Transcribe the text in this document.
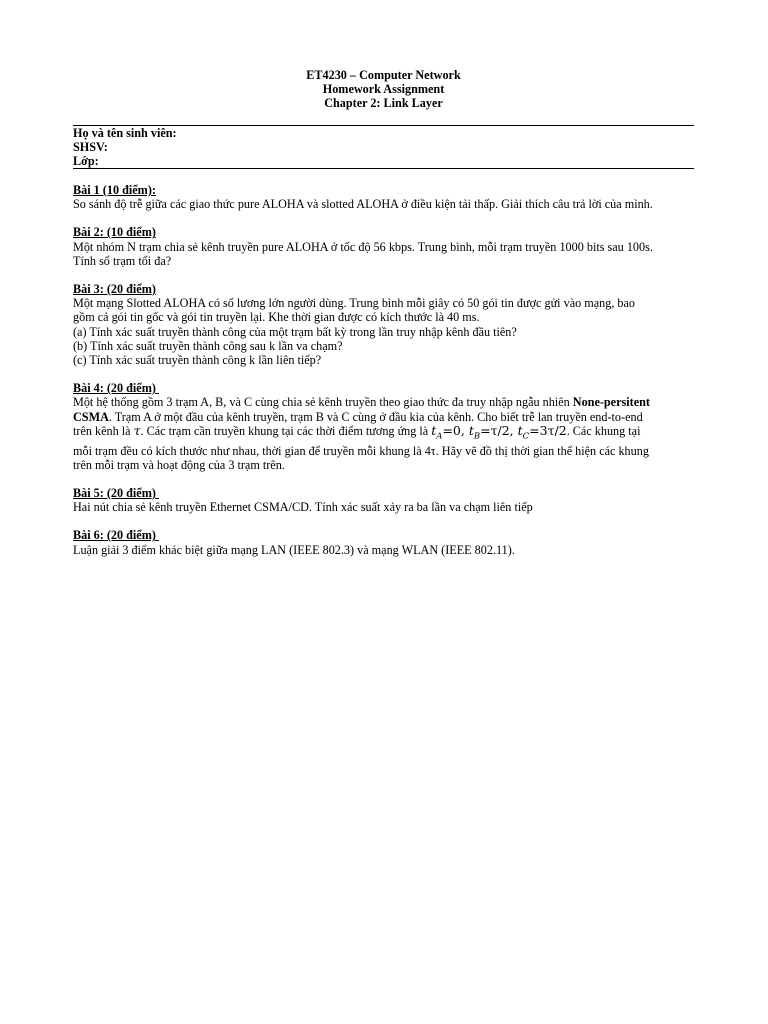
ET4230 – Computer Network
Homework Assignment
Chapter 2: Link Layer
Họ và tên sinh viên:
SHSV:
Lớp:
Bài 1 (10 điểm):
So sánh độ trễ giữa các giao thức pure ALOHA và slotted ALOHA ở điều kiện tải thấp. Giải thích câu trả lời của mình.
Bài 2: (10 điểm)
Một nhóm N trạm chia sẻ kênh truyền pure ALOHA ở tốc độ 56 kbps. Trung bình, mỗi trạm truyền 1000 bits sau 100s.
Tính số trạm tối đa?
Bài 3: (20 điểm)
Một mạng Slotted ALOHA có số lương lớn người dùng. Trung bình mỗi giây có 50 gói tin được gửi vào mạng, bao
gồm cả gói tin gốc và gói tin truyền lại. Khe thời gian được có kích thước là 40 ms.
(a) Tính xác suất truyền thành công của một trạm bất kỳ trong lần truy nhập kênh đầu tiên?
(b) Tính xác suất truyền thành công sau k lần va chạm?
(c) Tính xác suất truyền thành công k lần liên tiếp?
Bài 4: (20 điểm)
Một hệ thống gồm 3 trạm A, B, và C cùng chia sẻ kênh truyền theo giao thức đa truy nhập ngẫu nhiên None-persitent
CSMA. Trạm A ở một đầu của kênh truyền, trạm B và C cùng ở đầu kia của kênh. Cho biết trễ lan truyền end-to-end
trên kênh là τ. Các trạm cần truyền khung tại các thời điểm tương ứng là $t_A=0$, $t_B=\tau/2$, $t_C=3\tau/2$. Các khung tại
mỗi trạm đều có kích thước như nhau, thời gian để truyền mỗi khung là 4τ. Hãy vẽ đồ thị thời gian thể hiện các khung
trên mỗi trạm và hoạt động của 3 trạm trên.
Bài 5: (20 điểm)
Hai nút chia sẻ kênh truyền Ethernet CSMA/CD. Tính xác suất xảy ra ba lần va chạm liên tiếp
Bài 6: (20 điểm)
Luận giải 3 điểm khác biệt giữa mạng LAN (IEEE 802.3) và mạng WLAN (IEEE 802.11).
